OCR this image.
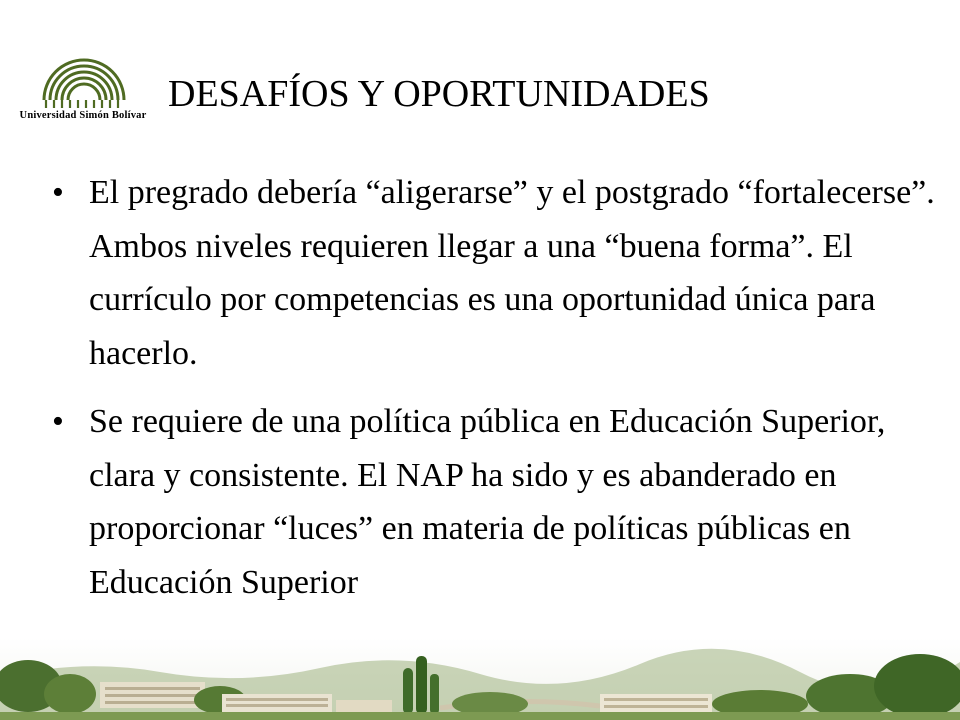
Universidad Simón Bolívar
DESAFÍOS Y OPORTUNIDADES
• El pregrado debería “aligerarse” y el postgrado “fortalecerse”. Ambos niveles requieren llegar a una “buena forma”. El currículo por competencias es una oportunidad única para hacerlo.
• Se requiere de una política pública en Educación Superior, clara y consistente. El NAP ha sido y es abanderado en proporcionar “luces” en materia de políticas públicas en Educación Superior
